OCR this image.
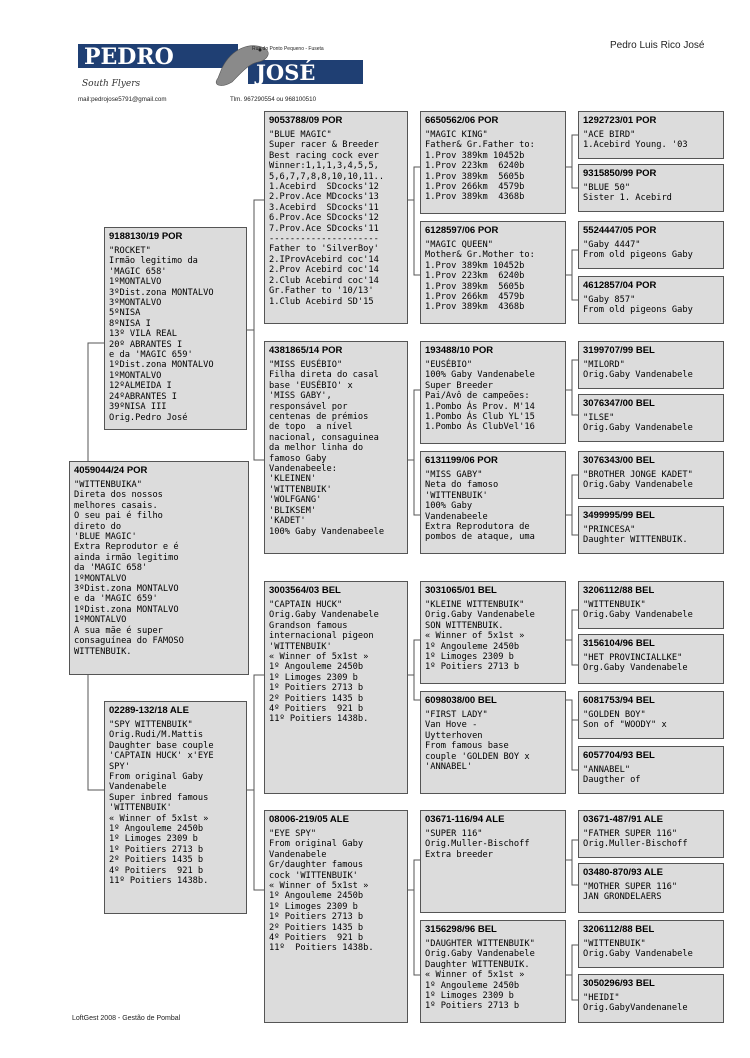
PEDRO
JOSÉ
Rua do Ponto Pequeno - Fuseta
South Flyers
mail:pedrojose5791@gmail.com	Tlm. 967290554 ou 968100510
Pedro Luis Rico José
4059044/24 POR
"WITTENBUIKA"
Direta dos nossos
melhores casais.
O seu pai é filho
direto do
'BLUE MAGIC'
Extra Reprodutor e é
ainda irmão legitimo
da 'MAGIC 658'
1ºMONTALVO
3ºDist.zona MONTALVO
e da 'MAGIC 659'
1ºDist.zona MONTALVO
1ºMONTALVO
A sua mãe é super
consaguínea do FAMOSO
WITTENBUIK.
9188130/19 POR
"ROCKET"
Irmão legitimo da
'MAGIC 658'
1ºMONTALVO
3ºDist.zona MONTALVO
3ºMONTALVO
5ºNISA
8ºNISA I
13º VILA REAL
20º ABRANTES I
e da 'MAGIC 659'
1ºDist.zona MONTALVO
1ºMONTALVO
12ºALMEIDA I
24ºABRANTES I
39ºNISA III
Orig.Pedro José
02289-132/18 ALE
"SPY WITTENBUIK"
Orig.Rudi/M.Mattis
Daughter base couple
'CAPTAIN HUCK' x'EYE
SPY'
From original Gaby
Vandenabele
Super inbred famous
'WITTENBUIK'
« Winner of 5x1st »
1º Angouleme 2450b
1º Limoges 2309 b
1º Poitiers 2713 b
2º Poitiers 1435 b
4º Poitiers  921 b
11º Poitiers 1438b.
9053788/09 POR
"BLUE MAGIC"
Super racer & Breeder
Best racing cock ever
Winner:1,1,1,3,4,5,5,
5,6,7,7,8,8,10,10,11..
1.Acebird  SDcocks'12
2.Prov.Ace MDcocks'13
3.Acebird  SDcocks'11
6.Prov.Ace SDcocks'12
7.Prov.Ace SDcocks'11
---------------------
Father to 'SilverBoy'
2.IProvAcebird coc'14
2.Prov Acebird coc'14
2.Club Acebird coc'14
Gr.Father to '10/13'
1.Club Acebird SD'15
4381865/14 POR
"MISS EUSÉBIO"
Filha direta do casal
base 'EUSÉBIO' x
'MISS GABY',
responsável por
centenas de prémios
de topo  a nível
nacional, consaguinea
da melhor linha do
famoso Gaby
Vandenabeele:
'KLEINEN'
'WITTENBUIK'
'WOLFGANG'
'BLIKSEM'
'KADET'
100% Gaby Vandenabeele
3003564/03 BEL
"CAPTAIN HUCK"
Orig.Gaby Vandenabele
Grandson famous
internacional pigeon
'WITTENBUIK'
« Winner of 5x1st »
1º Angouleme 2450b
1º Limoges 2309 b
1º Poitiers 2713 b
2º Poitiers 1435 b
4º Poitiers  921 b
11º Poitiers 1438b.
08006-219/05 ALE
"EYE SPY"
From original Gaby
Vandenabele
Gr/daughter famous
cock 'WITTENBUIK'
« Winner of 5x1st »
1º Angouleme 2450b
1º Limoges 2309 b
1º Poitiers 2713 b
2º Poitiers 1435 b
4º Poitiers  921 b
11º  Poitiers 1438b.
6650562/06 POR
"MAGIC KING"
Father& Gr.Father to:
1.Prov 389km 10452b
1.Prov 223km  6240b
1.Prov 389km  5605b
1.Prov 266km  4579b
1.Prov 389km  4368b
6128597/06 POR
"MAGIC QUEEN"
Mother& Gr.Mother to:
1.Prov 389km 10452b
1.Prov 223km  6240b
1.Prov 389km  5605b
1.Prov 266km  4579b
1.Prov 389km  4368b
193488/10 POR
"EUSÉBIO"
100% Gaby Vandenabele
Super Breeder
Pai/Avô de campeões:
1.Pombo Ás Prov. M'14
1.Pombo Ás Club YL'15
1.Pombo Ás ClubVel'16
6131199/06 POR
"MISS GABY"
Neta do famoso
'WITTENBUIK'
100% Gaby
Vandenabeele
Extra Reprodutora de
pombos de ataque, uma
3031065/01 BEL
"KLEINE WITTENBUIK"
Orig.Gaby Vandenabele
SON WITTENBUIK.
« Winner of 5x1st »
1º Angouleme 2450b
1º Limoges 2309 b
1º Poitiers 2713 b
6098038/00 BEL
"FIRST LADY"
Van Hove -
Uytterhoven
From famous base
couple 'GOLDEN BOY x
'ANNABEL'
03671-116/94 ALE
"SUPER 116"
Orig.Muller-Bischoff
Extra breeder
3156298/96 BEL
"DAUGHTER WITTENBUIK"
Orig.Gaby Vandenabele
Daughter WITTENBUIK.
« Winner of 5x1st »
1º Angouleme 2450b
1º Limoges 2309 b
1º Poitiers 2713 b
1292723/01 POR
"ACE BIRD"
1.Acebird Young. '03
9315850/99 POR
"BLUE 50"
Sister 1. Acebird
5524447/05 POR
"Gaby 4447"
From old pigeons Gaby
4612857/04 POR
"Gaby 857"
From old pigeons Gaby
3199707/99 BEL
"MILORD"
Orig.Gaby Vandenabele
3076347/00 BEL
"ILSE"
Orig.Gaby Vandenabele
3076343/00 BEL
"BROTHER JONGE KADET"
Orig.Gaby Vandenabele
3499995/99 BEL
"PRINCESA"
Daughter WITTENBUIK.
3206112/88 BEL
"WITTENBUIK"
Orig.Gaby Vandenabele
3156104/96 BEL
"HET PROVINCIALLKE"
Org.Gaby Vandenabele
6081753/94 BEL
"GOLDEN BOY"
Son of "WOODY" x
6057704/93 BEL
"ANNABEL"
Daugther of
03671-487/91 ALE
"FATHER SUPER 116"
Orig.Muller-Bischoff
03480-870/93 ALE
"MOTHER SUPER 116"
JAN GRONDELAERS
3206112/88 BEL
"WITTENBUIK"
Orig.Gaby Vandenabele
3050296/93 BEL
"HEIDI"
Orig.GabyVandenanele
LoftGest 2008 - Gestão de Pombal
